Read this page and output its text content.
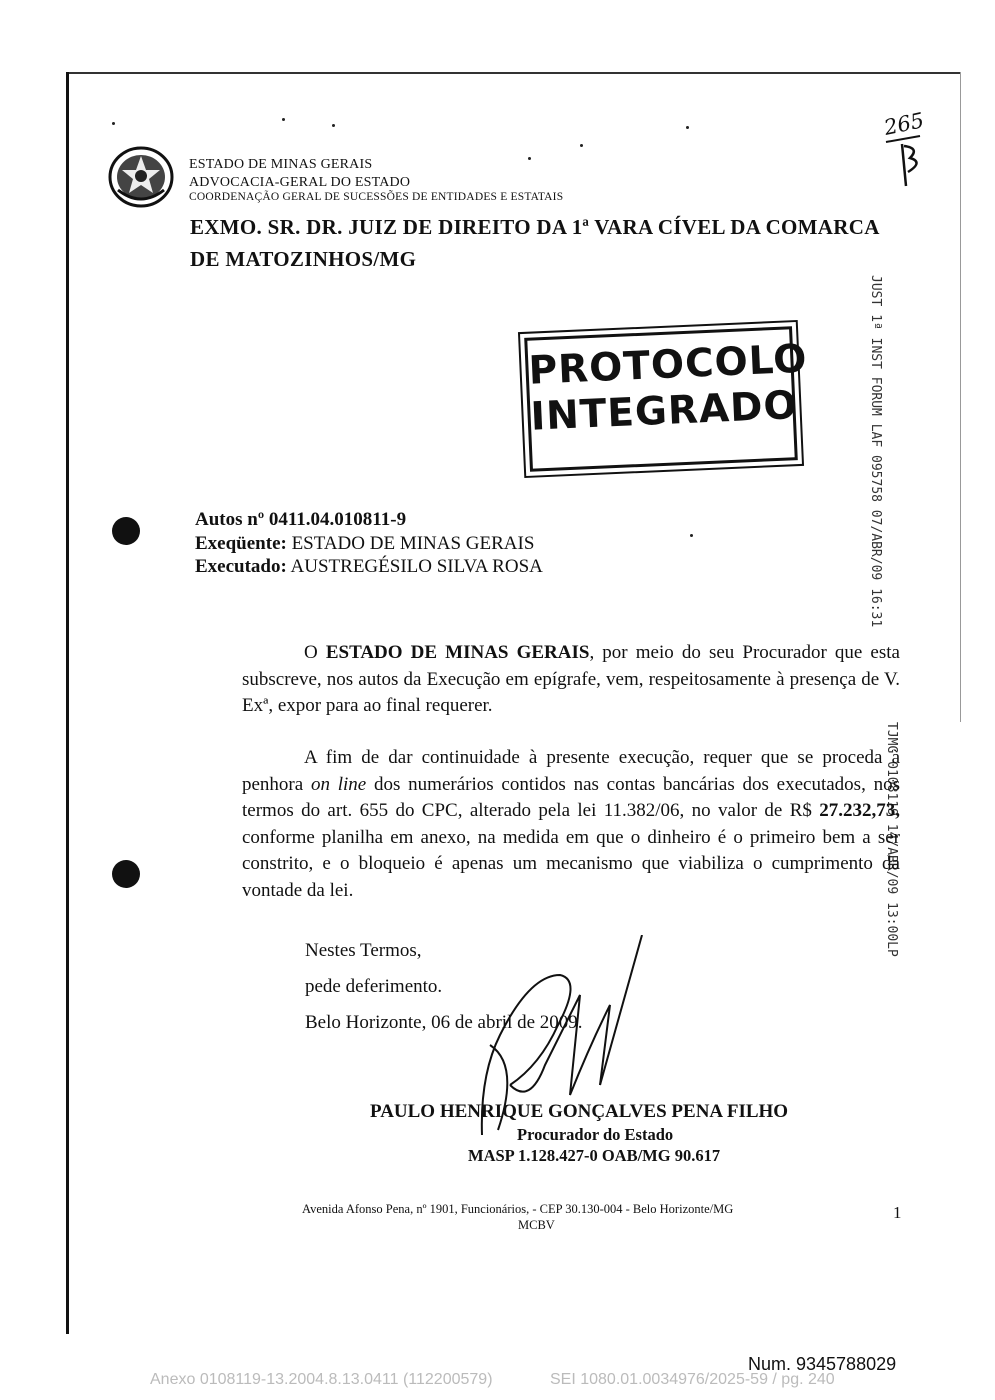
ESTADO DE MINAS GERAIS
ADVOCACIA-GERAL DO ESTADO
COORDENAÇÃO GERAL DE SUCESSÕES DE ENTIDADES E ESTATAIS
265
EXMO. SR. DR. JUIZ DE DIREITO DA 1ª VARA CÍVEL DA COMARCA
DE MATOZINHOS/MG
PROTOCOLO
INTEGRADO	JUST 1ª INST FORUM LAF 095758 07/ABR/09 16:31
TJMG 0108119 14/ABR/09 13:00LP
Autos nº 0411.04.010811-9
Exeqüente: ESTADO DE MINAS GERAIS
Executado: AUSTREGÉSILO SILVA ROSA
O ESTADO DE MINAS GERAIS, por meio do seu Procurador que esta subscreve, nos autos da Execução em epígrafe, vem, respeitosamente à presença de V. Exª, expor para ao final requerer.
A fim de dar continuidade à presente execução, requer que se proceda à penhora on line dos numerários contidos nas contas bancárias dos executados, nos termos do art. 655 do CPC, alterado pela lei 11.382/06, no valor de R$ 27.232,73, conforme planilha em anexo, na medida em que o dinheiro é o primeiro bem a ser constrito, e o bloqueio é apenas um mecanismo que viabiliza o cumprimento da vontade da lei.
Nestes Termos,
pede deferimento.
Belo Horizonte, 06 de abril de 2009.
PAULO HENRIQUE GONÇALVES PENA FILHO
Procurador do Estado
MASP 1.128.427-0 OAB/MG 90.617
Avenida Afonso Pena, nº 1901, Funcionários, - CEP 30.130-004 - Belo Horizonte/MG
MCBV
1
Num. 9345788029
Anexo 0108119-13.2004.8.13.0411 (112200579)	SEI 1080.01.0034976/2025-59 / pg. 240
